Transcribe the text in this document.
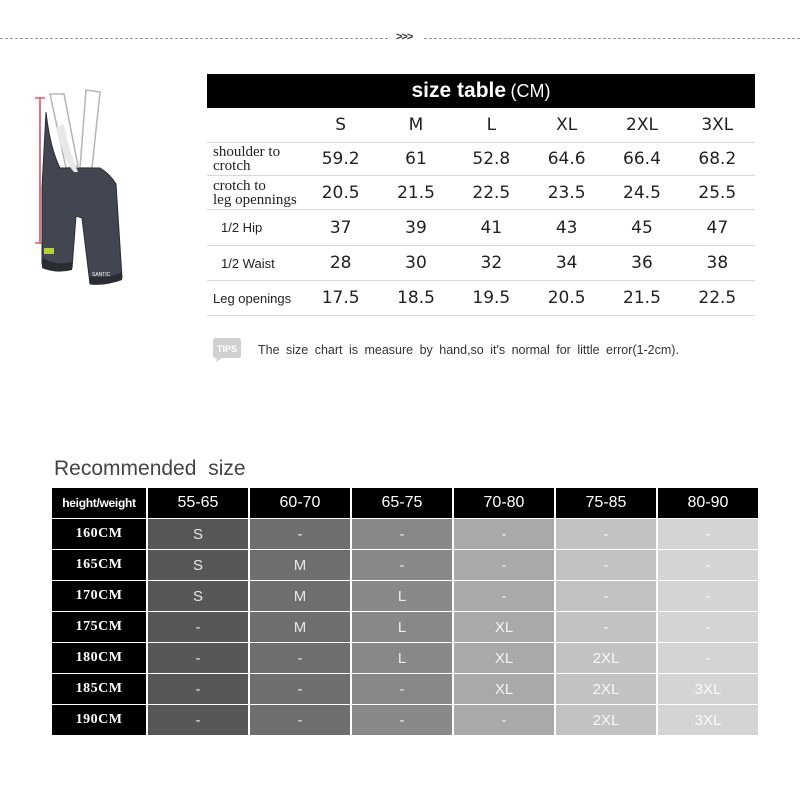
>>>
SANTIC
size table (CM)
	S	M	L	XL	2XL	3XL

shoulder to
crotch	59.2	61	52.8	64.6	66.4	68.2

crotch to
leg opennings	20.5	21.5	22.5	23.5	24.5	25.5

1/2 Hip	37	39	41	43	45	47

1/2 Waist	28	30	32	34	36	38

Leg openings	17.5	18.5	19.5	20.5	21.5	22.5
TIPS The size chart is measure by hand,so it's normal for little error(1-2cm).
Recommended size
height/weight	55-65	60-70	65-75	70-80	75-85	80-90
160CM	S	-	-	-	-	-
165CM	S	M	-	-	-	-
170CM	S	M	L	-	-	-
175CM	-	M	L	XL	-	-
180CM	-	-	L	XL	2XL	-
185CM	-	-	-	XL	2XL	3XL
190CM	-	-	-	-	2XL	3XL
